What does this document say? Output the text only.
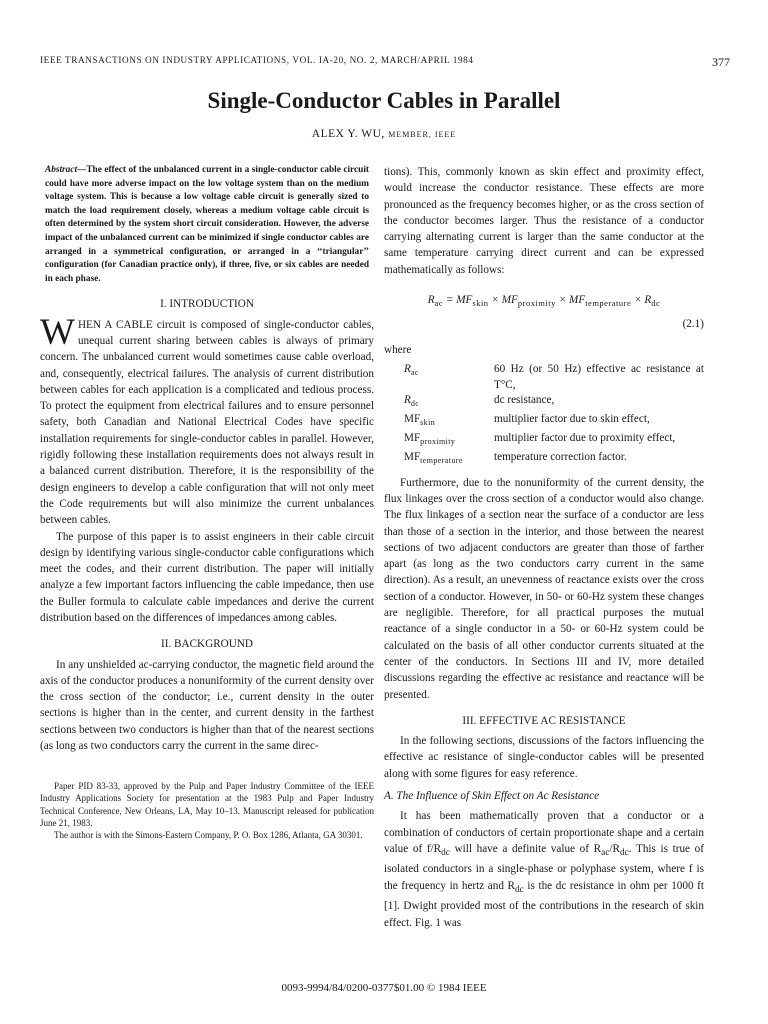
IEEE TRANSACTIONS ON INDUSTRY APPLICATIONS, VOL. IA-20, NO. 2, MARCH/APRIL 1984	377
Single-Conductor Cables in Parallel
ALEX Y. WU, MEMBER, IEEE

Abstract—The effect of the unbalanced current in a single-conductor cable circuit could have more adverse impact on the low voltage system than on the medium voltage system. This is because a low voltage cable circuit is generally sized to match the load requirement closely, whereas a medium voltage cable circuit is often determined by the system short circuit consideration. However, the adverse impact of the unbalanced current can be minimized if single conductor cables are arranged in a symmetrical configuration, or arranged in a ‘‘triangular’’ configuration (for Canadian practice only), if three, five, or six cables are needed in each phase.

I. INTRODUCTION

WHEN A CABLE circuit is composed of single-conductor cables, unequal current sharing between cables is always of primary concern. The unbalanced current would sometimes cause cable overload, and, consequently, electrical failures. The analysis of current distribution between cables for each application is a complicated and tedious process. To protect the equipment from electrical failures and to ensure personnel safety, both Canadian and National Electrical Codes have specific installation requirements for single-conductor cables in parallel. However, rigidly following these installation requirements does not always result in a balanced current distribution. Therefore, it is the responsibility of the design engineers to develop a cable configuration that will not only meet the Code requirements but will also minimize the current unbalances between cables.

The purpose of this paper is to assist engineers in their cable circuit design by identifying various single-conductor cable configurations which meet the codes, and their current distribution. The paper will initially analyze a few important factors influencing the cable impedance, then use the Buller formula to calculate cable impedances and derive the current distribution based on the differences of impedances among cables.

II. BACKGROUND

In any unshielded ac-carrying conductor, the magnetic field around the axis of the conductor produces a nonuniformity of the current density over the cross section of the conductor; i.e., current density in the outer sections is higher than in the center, and current density in the farthest sections between two conductors is higher than that of the nearest sections (as long as two conductors carry the current in the same direc-

Paper PID 83-33, approved by the Pulp and Paper Industry Committee of the IEEE Industry Applications Society for presentation at the 1983 Pulp and Paper Industry Technical Conference, New Orleans, LA, May 10–13. Manuscript released for publication June 21, 1983.

The author is with the Simons-Eastern Company, P. O. Box 1286, Atlanta, GA 30301.

tions). This, commonly known as skin effect and proximity effect, would increase the conductor resistance. These effects are more pronounced as the frequency becomes higher, or as the cross section of the conductor becomes larger. Thus the resistance of a conductor carrying alternating current is larger than the same conductor at the same temperature carrying direct current and can be expressed mathematically as follows:

$R_{ac} = MF_{skin} \times MF_{proximity} \times MF_{temperature} \times R_{dc}$
(2.1)
where
$R_{ac}$	60 Hz (or 50 Hz) effective ac resistance at T°C,
$R_{dc}$	dc resistance,
$MF_{skin}$	multiplier factor due to skin effect,
$MF_{proximity}$	multiplier factor due to proximity effect,
$MF_{temperature}$	temperature correction factor.

Furthermore, due to the nonuniformity of the current density, the flux linkages over the cross section of a conductor would also change. The flux linkages of a section near the surface of a conductor are less than those of a section in the interior, and those between the nearest sections of two adjacent conductors are greater than those of farther apart (as long as the two conductors carry current in the same direction). As a result, an unevenness of reactance exists over the cross section of a conductor. However, in 50- or 60-Hz system these changes are negligible. Therefore, for all practical purposes the mutual reactance of a single conductor in a 50- or 60-Hz system could be calculated on the basis of all other conductor currents situated at the center of the conductors. In Sections III and IV, more detailed discussions regarding the effective ac resistance and reactance will be presented.

III. EFFECTIVE AC RESISTANCE

In the following sections, discussions of the factors influencing the effective ac resistance of single-conductor cables will be presented along with some figures for easy reference.

A. The Influence of Skin Effect on Ac Resistance

It has been mathematically proven that a conductor or a combination of conductors of certain proportionate shape and a certain value of $f/R_{dc}$ will have a definite value of $R_{ac}/R_{dc}$. This is true of isolated conductors in a single-phase or polyphase system, where f is the frequency in hertz and $R_{dc}$ is the dc resistance in ohm per 1000 ft [1]. Dwight provided most of the contributions in the research of skin effect. Fig. 1 was

0093-9994/84/0200-0377$01.00 © 1984 IEEE
